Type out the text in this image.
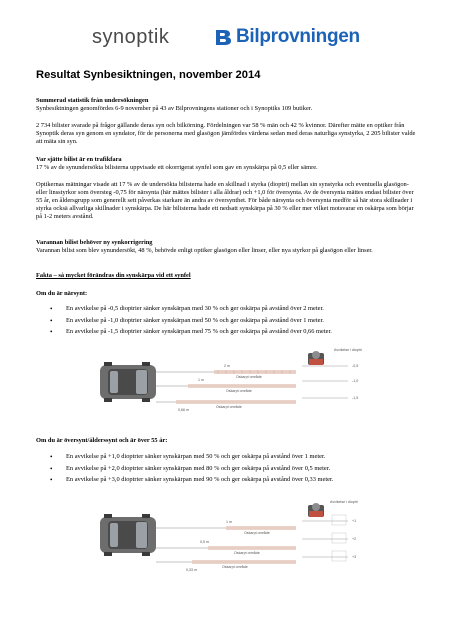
synoptik	Bilprovningen
Resultat Synbesiktningen, november 2014
Summerad statistik från undersökningen
Synbesiktningen genomfördes 6-9 november på 43 av Bilprovningens stationer och i Synoptiks 109 butiker.
2 734 bilister svarade på frågor gällande deras syn och bilkörning. Fördelningen var 58 % män och 42 % kvinnor. Därefter mätte en optiker från Synoptik deras syn genom en syndator, för de personerna med glasögon jämfördes värdena sedan med deras naturliga synstyrka, 2 205 bilister valde att mäta sin syn.
Var sjätte bilist är en trafikfara
17 % av de synundersökta bilisterna uppvisade ett okorrigerat synfel som gav en synskärpa på 0,5 eller sämre.
Optikernas mätningar visade att 17 % av de undersökta bilisterna hade en skillnad i styrka (dioptri) mellan sin synstyrka och eventuella glasögon- eller linsstyrkor som översteg -0,75 för närsynta (här mättes bilister i alla åldrar) och +1,0 för översynta. Av de översynta mättes endast bilister över 55 år, en åldersgrupp som generellt sett påverkas starkare än andra av översynthet. För både närsynta och översynta medför så här stora skillnader i styrka ocksä allvarliga skillnader i synskärpa. De här bilisterna hade ett nedsatt synskärpa på 30 % eller mer vilket motsvarar en oskärpa som börjar på 1-2 meters avstånd.
Varannan bilist behöver ny synkorrigering
Varannan bilist som blev synundersökt, 48 %, behövde enligt optiker glasögon eller linser, eller nya styrkor på glasögon eller linser.
Fakta – så mycket förändras din synskärpa vid ett synfel
Om du är närsynt:
• En avvikelse på -0,5 dioptrier sänker synskärpan med 30 % och ger oskärpa på avstånd över 2 meter.
• En avvikelse på -1,0 dioptrier sänker synskärpan med 50 % och ger oskärpa på avstånd över 1 meter.
• En avvikelse på -1,5 dioptrier sänker synskärpan med 75 % och ger oskärpa på avstånd över 0,66 meter.
2 m
1 m
0,66 m
Oskarpt område
Oskarpt område
Oskarpt område
Avvikelse i dioptri
-0,5
-1,0
-1,5
Om du är översynt/ålderssynt och är över 55 år:
• En avvikelse på +1,0 dioptrier sänker synskärpan med 50 % och ger oskärpa på avstånd över 1 meter.
• En avvikelse på +2,0 dioptrier sänker synskärpan med 80 % och ger oskärpa på avstånd över 0,5 meter.
• En avvikelse på +3,0 dioptrier sänker synskärpan med 90 % och ger oskärpa på avstånd över 0,33 meter.
1 m
0,5 m
0,33 m
Oskarpt område
Oskarpt område
Oskarpt område
Avvikelse i dioptri
+1
+2
+3
